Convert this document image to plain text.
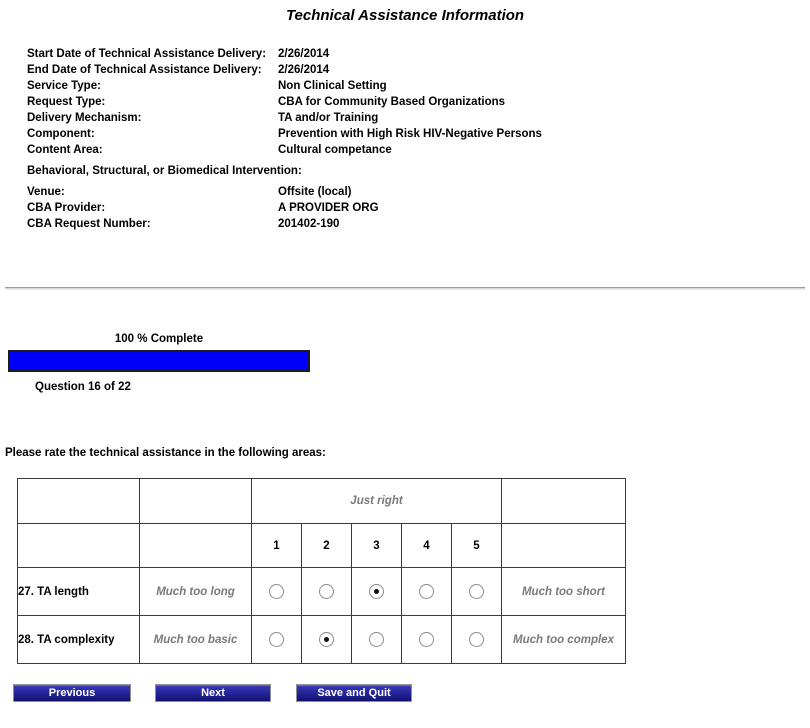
Technical Assistance Information
Start Date of Technical Assistance Delivery:	2/26/2014
End Date of Technical Assistance Delivery:	2/26/2014
Service Type:	Non Clinical Setting
Request Type:	CBA for Community Based Organizations
Delivery Mechanism:	TA and/or Training
Component:	Prevention with High Risk HIV-Negative Persons
Content Area:	Cultural competance
Behavioral, Structural, or Biomedical Intervention:
Venue:	Offsite (local)
CBA Provider:	A PROVIDER ORG
CBA Request Number:	201402-190
100 % Complete
Question 16 of 22
Please rate the technical assistance in the following areas:
		Just right					
		1	2	3	4	5	
27. TA length	Much too long						Much too short
28. TA complexity	Much too basic						Much too complex
Previous	Next	Save and Quit
